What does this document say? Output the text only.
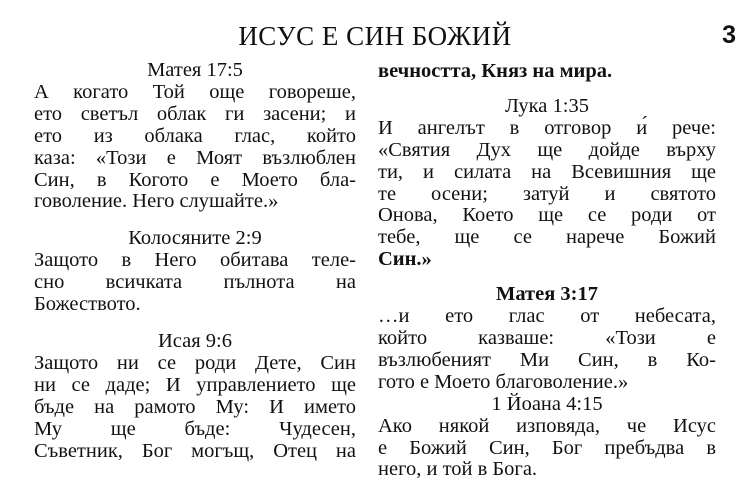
ИСУС Е СИН БОЖИЙ	3

Матея 17:5

А когато Той още говореше,
ето светъл облак ги засени; и
ето из облака глас, който
каза: «Този е Моят възлюблен
Син, в Когото е Моето бла-
говоление. Него слушайте.»

Колосяните 2:9

Защото в Него обитава теле-
сно всичката пълнота на
Божеството.

Исая 9:6

Защото ни се роди Дете, Син
ни се даде; И управлението ще
бъде на рамото Му: И името
Му ще бъде: Чудесен,
Съветник, Бог могъщ, Отец на
вечността, Княз на мира.

Лука 1:35

И ангелът в отговор и́ рече:
«Святия Дух ще дойде върху
ти, и силата на Всевишния ще
те осени; затуй и святото
Онова, Което ще се роди от
тебе, ще се нарече Божий
Син.»

Матея 3:17

…и ето глас от небесата,
който казваше: «Този е
възлюбеният Ми Син, в Ко-
гото е Моето благоволение.»

1 Йоана 4:15

Ако някой изповяда, че Исус
е Божий Син, Бог пребъдва в
него, и той в Бога.
